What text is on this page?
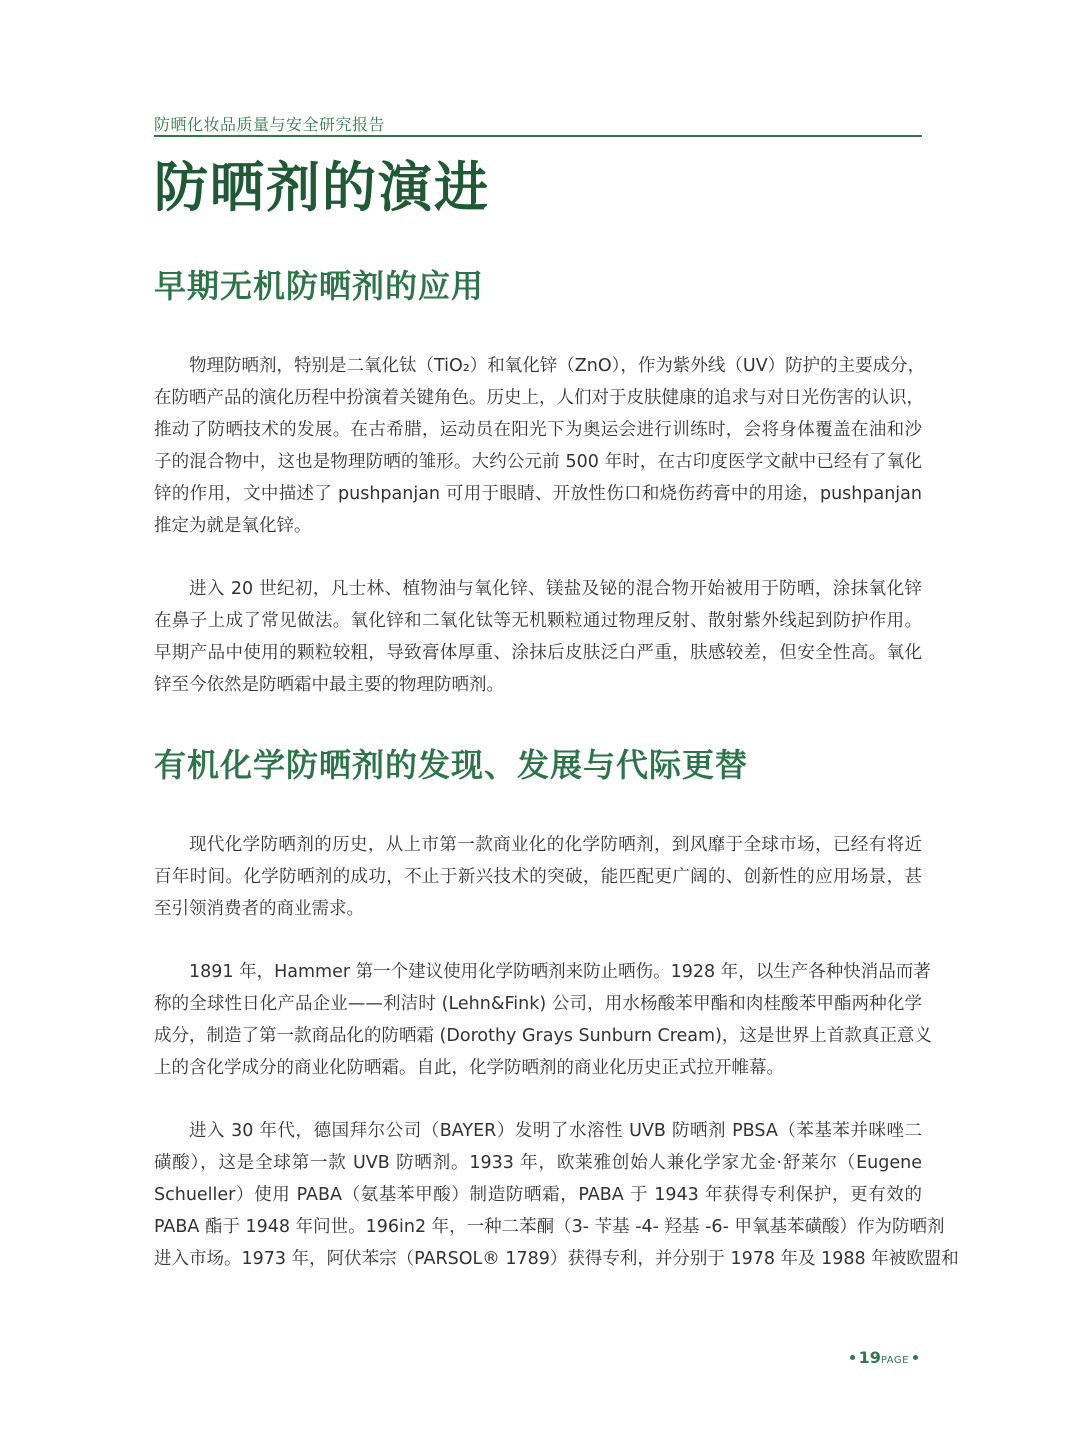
防晒化妆品质量与安全研究报告
防晒剂的演进
早期无机防晒剂的应用

物理防晒剂，特别是二氧化钛（TiO₂）和氧化锌（ZnO），作为紫外线（UV）防护的主要成分，
在防晒产品的演化历程中扮演着关键角色。历史上，人们对于皮肤健康的追求与对日光伤害的认识，
推动了防晒技术的发展。在古希腊，运动员在阳光下为奥运会进行训练时，会将身体覆盖在油和沙
子的混合物中，这也是物理防晒的雏形。大约公元前 500 年时，在古印度医学文献中已经有了氧化
锌的作用，文中描述了 pushpanjan 可用于眼睛、开放性伤口和烧伤药膏中的用途，pushpanjan
推定为就是氧化锌。

进入 20 世纪初，凡士林、植物油与氧化锌、镁盐及铋的混合物开始被用于防晒，涂抹氧化锌
在鼻子上成了常见做法。氧化锌和二氧化钛等无机颗粒通过物理反射、散射紫外线起到防护作用。
早期产品中使用的颗粒较粗，导致膏体厚重、涂抹后皮肤泛白严重，肤感较差，但安全性高。氧化
锌至今依然是防晒霜中最主要的物理防晒剂。

有机化学防晒剂的发现、发展与代际更替

现代化学防晒剂的历史，从上市第一款商业化的化学防晒剂，到风靡于全球市场，已经有将近
百年时间。化学防晒剂的成功，不止于新兴技术的突破，能匹配更广阔的、创新性的应用场景，甚
至引领消费者的商业需求。

1891 年，Hammer 第一个建议使用化学防晒剂来防止晒伤。1928 年，以生产各种快消品而著
称的全球性日化产品企业——利洁时 (Lehn&Fink) 公司，用水杨酸苯甲酯和肉桂酸苯甲酯两种化学
成分，制造了第一款商品化的防晒霜 (Dorothy Grays Sunburn Cream)，这是世界上首款真正意义
上的含化学成分的商业化防晒霜。自此，化学防晒剂的商业化历史正式拉开帷幕。

进入 30 年代，德国拜尔公司（BAYER）发明了水溶性 UVB 防晒剂 PBSA（苯基苯并咪唑二
磺酸），这是全球第一款 UVB 防晒剂。1933 年，欧莱雅创始人兼化学家尤金·舒莱尔（Eugene
Schueller）使用 PABA（氨基苯甲酸）制造防晒霜，PABA 于 1943 年获得专利保护，更有效的
PABA 酯于 1948 年问世。196in2 年，一种二苯酮（3- 苄基 -4- 羟基 -6- 甲氧基苯磺酸）作为防晒剂
进入市场。1973 年，阿伏苯宗（PARSOL® 1789）获得专利，并分别于 1978 年及 1988 年被欧盟和

19 PAGE
